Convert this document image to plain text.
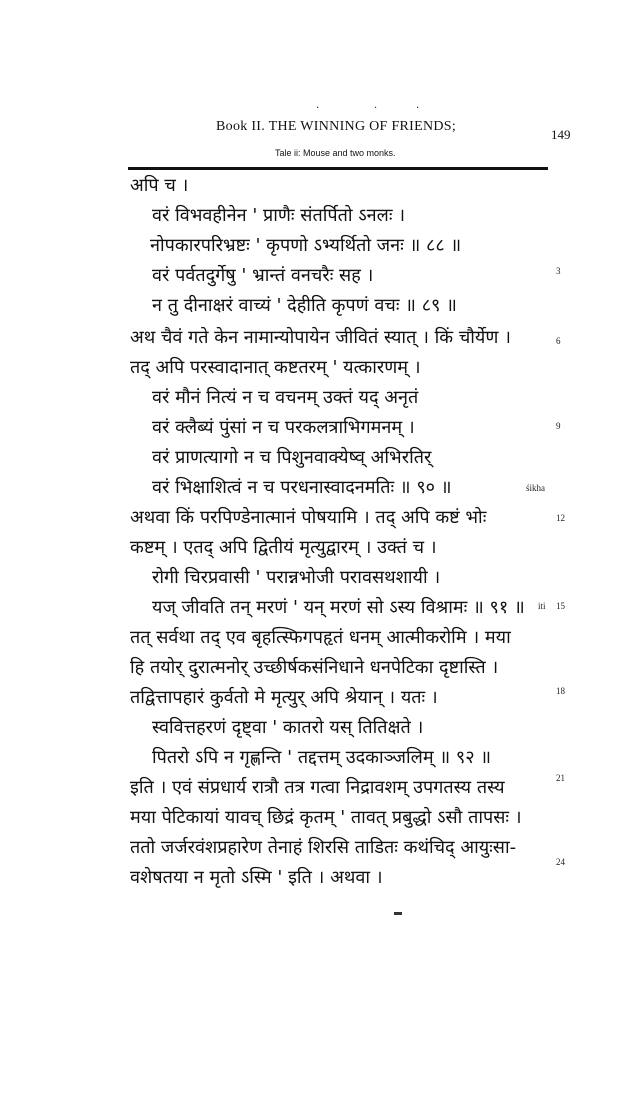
·	·	·
Book II. THE WINNING OF FRIENDS;
149
Tale ii: Mouse and two monks.
अपि च ।
वरं विभवहीनेन ' प्राणैः संतर्पितो ऽनलः ।
नोपकारपरिभ्रष्टः ' कृपणो ऽभ्यर्थितो जनः ॥ ८८ ॥
वरं पर्वतदुर्गेषु ' भ्रान्तं वनचरैः सह ।
न तु दीनाक्षरं वाच्यं ' देहीति कृपणं वचः ॥ ८९ ॥
अथ चैवं गते केन नामान्योपायेन जीवितं स्यात् । किं चौर्येण ।
तद् अपि परस्वादानात् कष्टतरम् ' यत्कारणम् ।
वरं मौनं नित्यं न च वचनम् उक्तं यद् अनृतं
वरं क्लैब्यं पुंसां न च परकलत्राभिगमनम् ।
वरं प्राणत्यागो न च पिशुनवाक्येष्व् अभिरतिर्
वरं भिक्षाशित्वं न च परधनास्वादनमतिः ॥ ९० ॥
अथवा किं परपिण्डेनात्मानं पोषयामि । तद् अपि कष्टं भोः
कष्टम् । एतद् अपि द्वितीयं मृत्युद्वारम् । उक्तं च ।
रोगी चिरप्रवासी ' परान्नभोजी परावसथशायी ।
यज् जीवति तन् मरणं ' यन् मरणं सो ऽस्य विश्रामः ॥ ९१ ॥
तत् सर्वथा तद् एव बृहत्स्फिगपहृतं धनम् आत्मीकरोमि । मया
हि तयोर् दुरात्मनोर् उच्छीर्षकसंनिधाने धनपेटिका दृष्टास्ति ।
तद्वित्तापहारं कुर्वतो मे मृत्युर् अपि श्रेयान् । यतः ।
स्ववित्तहरणं दृष्ट्वा ' कातरो यस् तितिक्षते ।
पितरो ऽपि न गृह्णन्ति ' तद्दत्तम् उदकाञ्जलिम् ॥ ९२ ॥
इति । एवं संप्रधार्य रात्रौ तत्र गत्वा निद्रावशम् उपगतस्य तस्य
मया पेटिकायां यावच् छिद्रं कृतम् ' तावत् प्रबुद्धो ऽसौ तापसः ।
ततो जर्जरवंशप्रहारेण तेनाहं शिरसि ताडितः कथंचिद् आयुःसा-
वशेषतया न मृतो ऽस्मि ' इति । अथवा ।
3
6
9
12
15
18
21
24
śikha
iti
